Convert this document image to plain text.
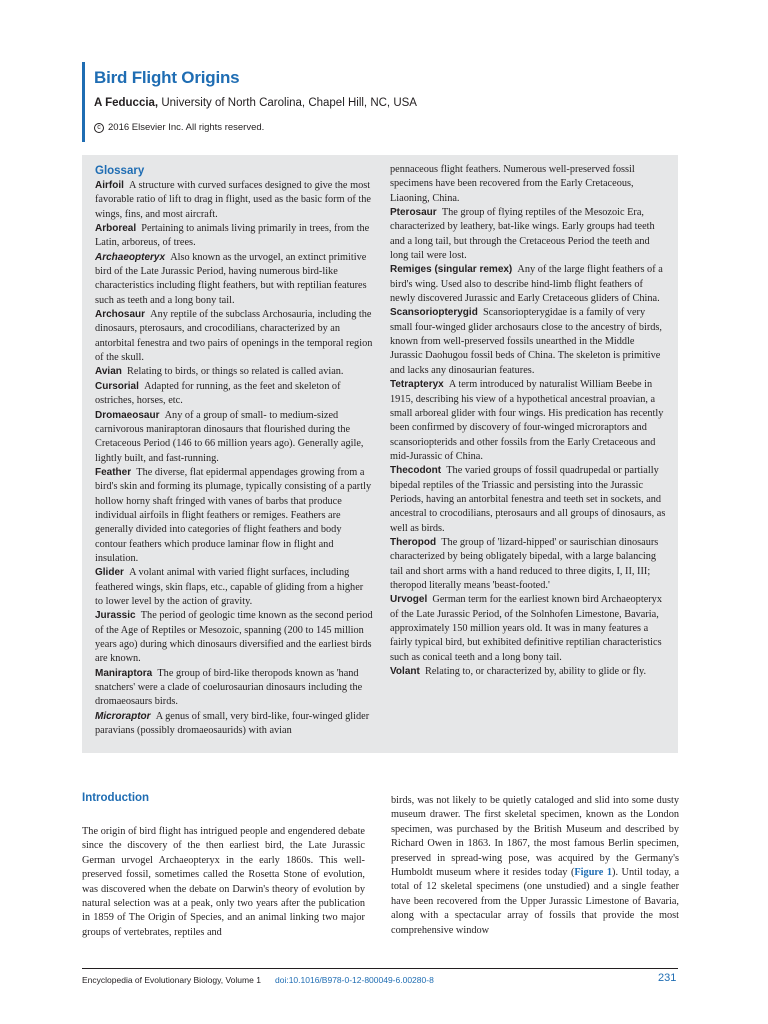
Bird Flight Origins
A Feduccia, University of North Carolina, Chapel Hill, NC, USA
c 2016 Elsevier Inc. All rights reserved.
Glossary

Airfoil A structure with curved surfaces designed to give the most favorable ratio of lift to drag in flight, used as the basic form of the wings, fins, and most aircraft.

Arboreal Pertaining to animals living primarily in trees, from the Latin, arboreus, of trees.

Archaeopteryx Also known as the urvogel, an extinct primitive bird of the Late Jurassic Period, having numerous bird-like characteristics including flight feathers, but with reptilian features such as teeth and a long bony tail.

Archosaur Any reptile of the subclass Archosauria, including the dinosaurs, pterosaurs, and crocodilians, characterized by an antorbital fenestra and two pairs of openings in the temporal region of the skull.

Avian Relating to birds, or things so related is called avian.

Cursorial Adapted for running, as the feet and skeleton of ostriches, horses, etc.

Dromaeosaur Any of a group of small- to medium-sized carnivorous maniraptoran dinosaurs that flourished during the Cretaceous Period (146 to 66 million years ago). Generally agile, lightly built, and fast-running.

Feather The diverse, flat epidermal appendages growing from a bird's skin and forming its plumage, typically consisting of a partly hollow horny shaft fringed with vanes of barbs that produce individual airfoils in flight feathers or remiges. Feathers are generally divided into categories of flight feathers and body contour feathers which produce laminar flow in flight and insulation.

Glider A volant animal with varied flight surfaces, including feathered wings, skin flaps, etc., capable of gliding from a higher to lower level by the action of gravity.

Jurassic The period of geologic time known as the second period of the Age of Reptiles or Mesozoic, spanning (200 to 145 million years ago) during which dinosaurs diversified and the earliest birds are known.

Maniraptora The group of bird-like theropods known as 'hand snatchers' were a clade of coelurosaurian dinosaurs including the dromaeosaurs birds.

Microraptor A genus of small, very bird-like, four-winged glider paravians (possibly dromaeosaurids) with avian

pennaceous flight feathers. Numerous well-preserved fossil specimens have been recovered from the Early Cretaceous, Liaoning, China.

Pterosaur The group of flying reptiles of the Mesozoic Era, characterized by leathery, bat-like wings. Early groups had teeth and a long tail, but through the Cretaceous Period the teeth and long tail were lost.

Remiges (singular remex) Any of the large flight feathers of a bird's wing. Used also to describe hind-limb flight feathers of newly discovered Jurassic and Early Cretaceous gliders of China.

Scansoriopterygid Scansoriopterygidae is a family of very small four-winged glider archosaurs close to the ancestry of birds, known from well-preserved fossils unearthed in the Middle Jurassic Daohugou fossil beds of China. The skeleton is primitive and lacks any dinosaurian features.

Tetrapteryx A term introduced by naturalist William Beebe in 1915, describing his view of a hypothetical ancestral proavian, a small arboreal glider with four wings. His predication has recently been confirmed by discovery of four-winged microraptors and scansoriopterids and other fossils from the Early Cretaceous and mid-Jurassic of China.

Thecodont The varied groups of fossil quadrupedal or partially bipedal reptiles of the Triassic and persisting into the Jurassic Periods, having an antorbital fenestra and teeth set in sockets, and ancestral to crocodilians, pterosaurs and all groups of dinosaurs, as well as birds.

Theropod The group of 'lizard-hipped' or saurischian dinosaurs characterized by being obligately bipedal, with a large balancing tail and short arms with a hand reduced to three digits, I, II, III; theropod literally means 'beast-footed.'

Urvogel German term for the earliest known bird Archaeopteryx of the Late Jurassic Period, of the Solnhofen Limestone, Bavaria, approximately 150 million years old. It was in many features a fairly typical bird, but exhibited definitive reptilian characteristics such as conical teeth and a long bony tail.

Volant Relating to, or characterized by, ability to glide or fly.

Introduction

The origin of bird flight has intrigued people and engendered debate since the discovery of the then earliest bird, the Late Jurassic German urvogel Archaeopteryx in the early 1860s. This well-preserved fossil, sometimes called the Rosetta Stone of evolution, was discovered when the debate on Darwin's theory of evolution by natural selection was at a peak, only two years after the publication in 1859 of The Origin of Species, and an animal linking two major groups of vertebrates, reptiles and

birds, was not likely to be quietly cataloged and slid into some dusty museum drawer. The first skeletal specimen, known as the London specimen, was purchased by the British Museum and described by Richard Owen in 1863. In 1867, the most famous Berlin specimen, preserved in spread-wing pose, was acquired by the Germany's Humboldt museum where it resides today (Figure 1). Until today, a total of 12 skeletal specimens (one unstudied) and a single feather have been recovered from the Upper Jurassic Limestone of Bavaria, along with a spectacular array of fossils that provide the most comprehensive window

Encyclopedia of Evolutionary Biology, Volume 1 doi:10.1016/B978-0-12-800049-6.00280-8	231
